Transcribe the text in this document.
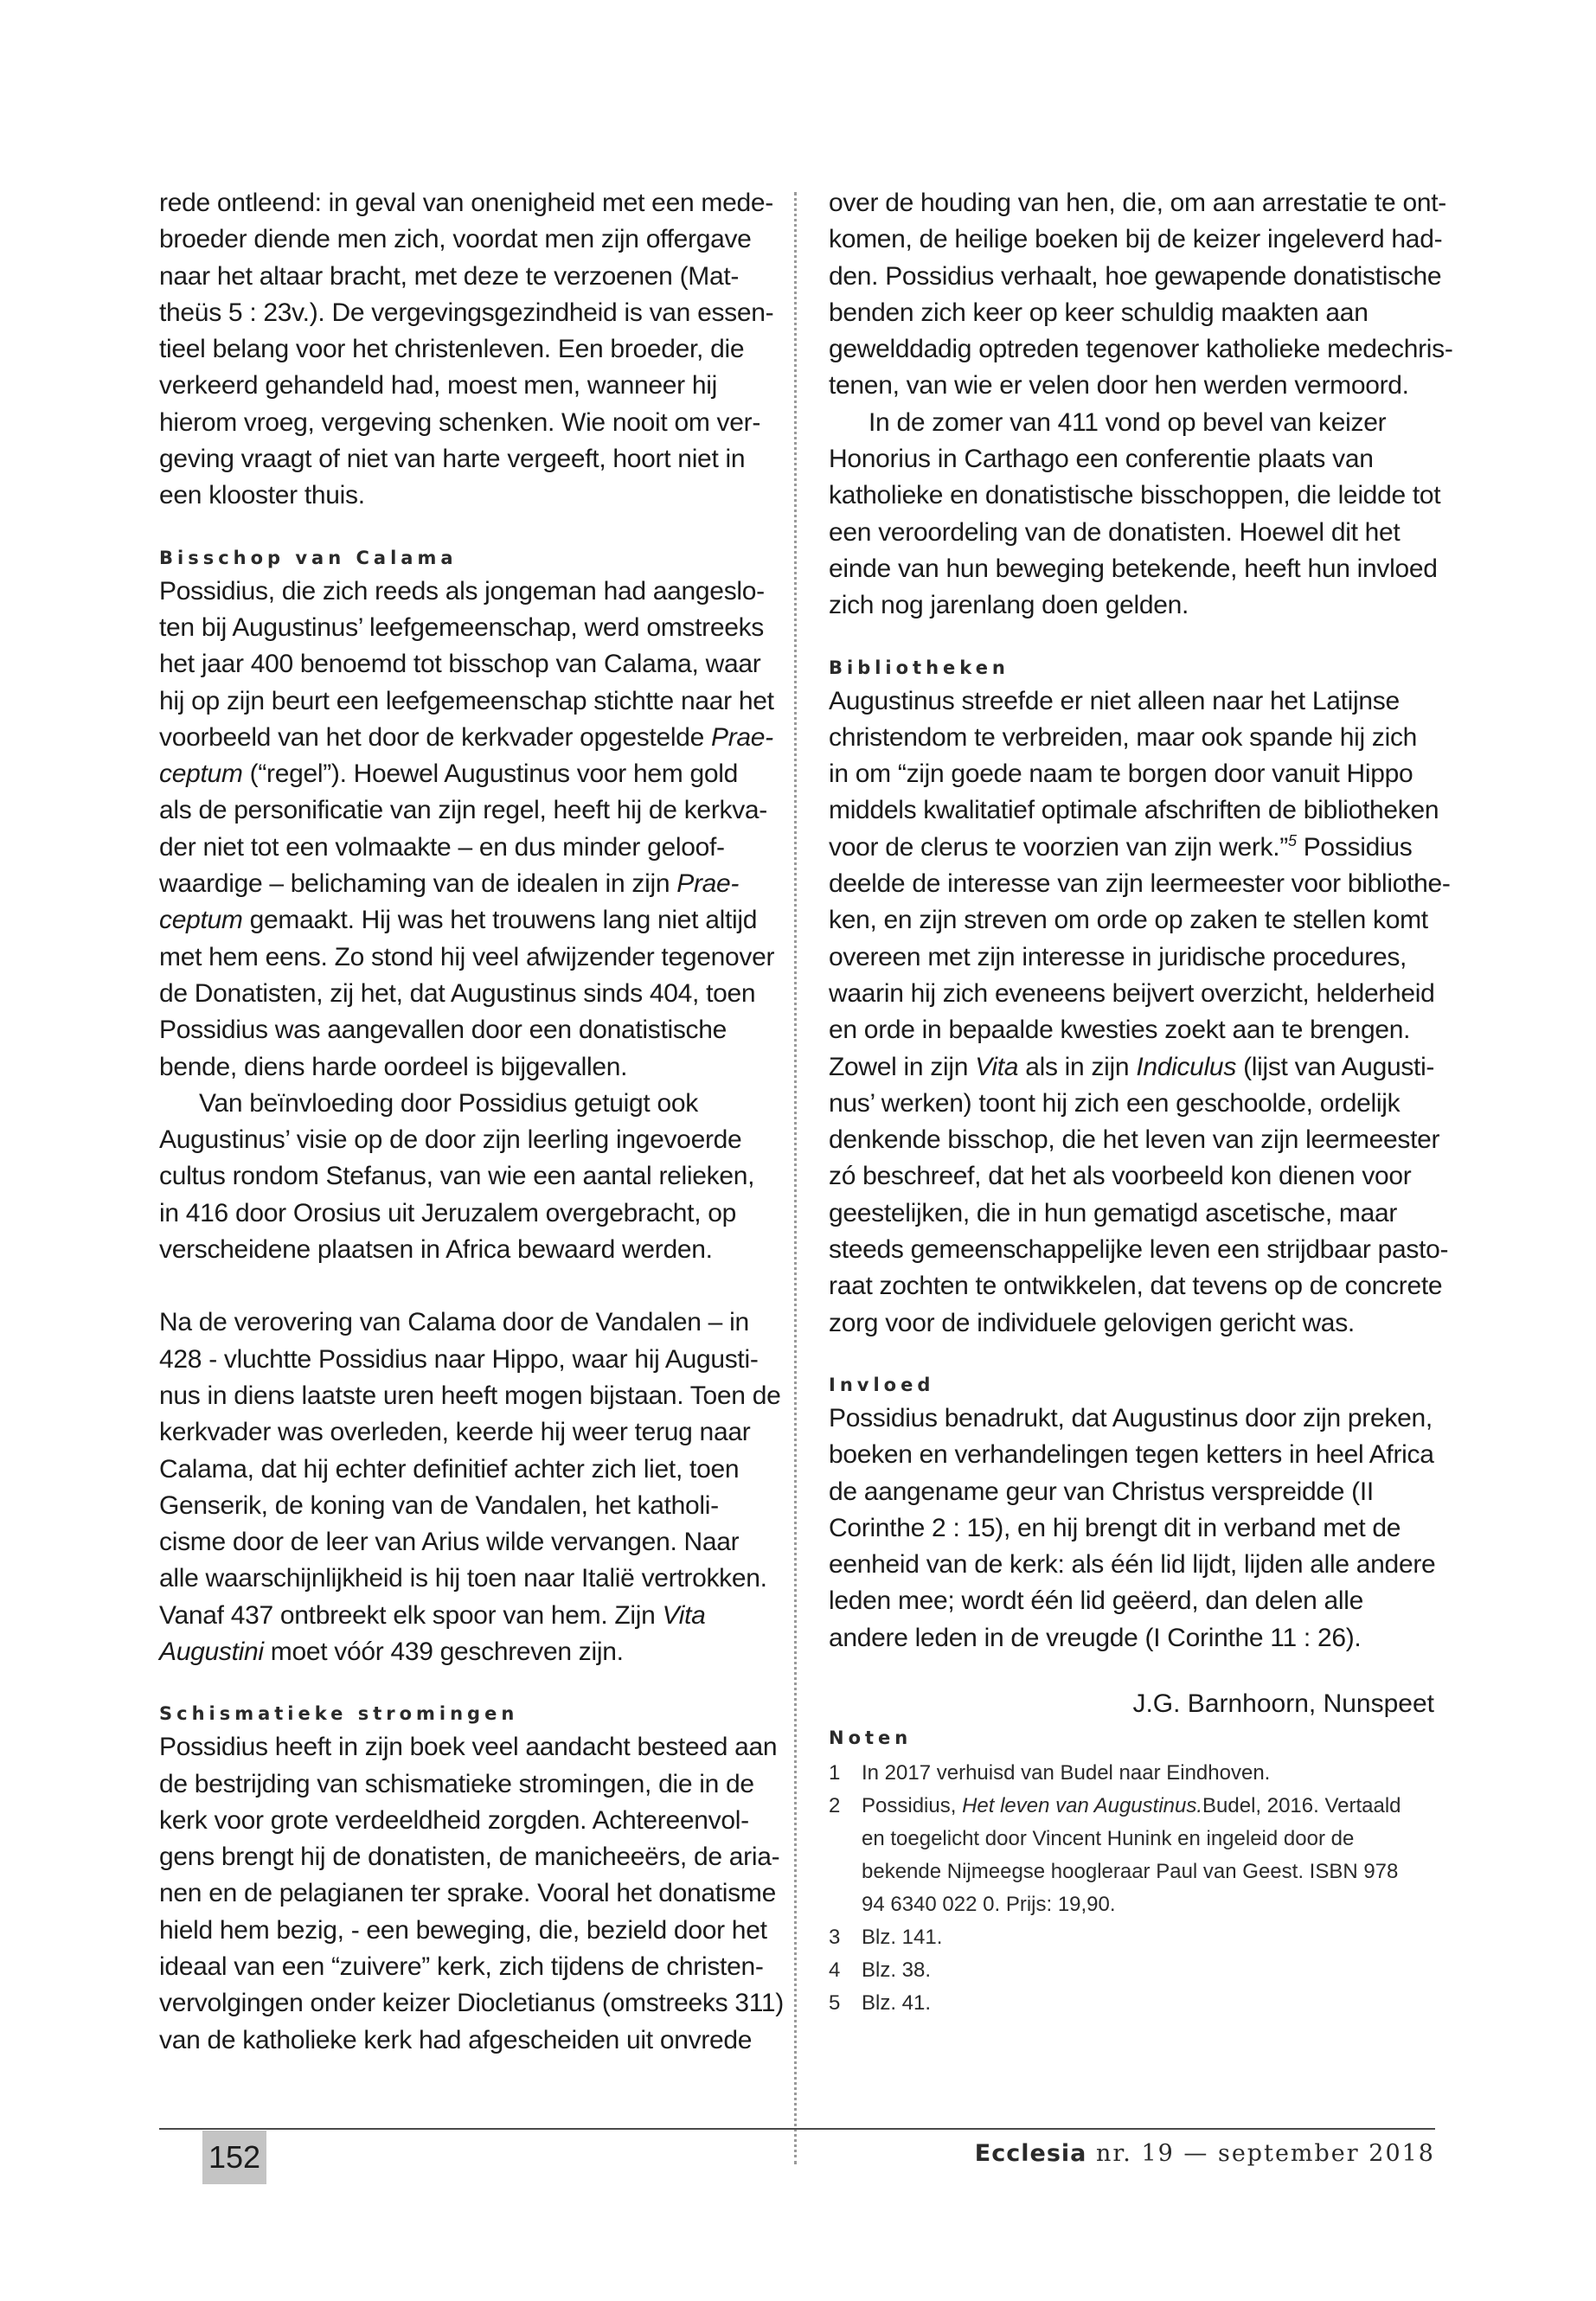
rede ontleend: in geval van onenigheid met een mede-
broeder diende men zich, voordat men zijn offergave
naar het altaar bracht, met deze te verzoenen (Mat-
theüs 5 : 23v.). De vergevingsgezindheid is van essen-
tieel belang voor het christenleven. Een broeder, die
verkeerd gehandeld had, moest men, wanneer hij
hierom vroeg, vergeving schenken. Wie nooit om ver-
geving vraagt of niet van harte vergeeft, hoort niet in
een klooster thuis.

Bisschop van Calama

Possidius, die zich reeds als jongeman had aangeslo-
ten bij Augustinus’ leefgemeenschap, werd omstreeks
het jaar 400 benoemd tot bisschop van Calama, waar
hij op zijn beurt een leefgemeenschap stichtte naar het
voorbeeld van het door de kerkvader opgestelde Prae-
ceptum (“regel”). Hoewel Augustinus voor hem gold
als de personificatie van zijn regel, heeft hij de kerkva-
der niet tot een volmaakte – en dus minder geloof-
waardige – belichaming van de idealen in zijn Prae-
ceptum gemaakt. Hij was het trouwens lang niet altijd
met hem eens. Zo stond hij veel afwijzender tegenover
de Donatisten, zij het, dat Augustinus sinds 404, toen
Possidius was aangevallen door een donatistische
bende, diens harde oordeel is bijgevallen.

Van beïnvloeding door Possidius getuigt ook
Augustinus’ visie op de door zijn leerling ingevoerde
cultus rondom Stefanus, van wie een aantal relieken,
in 416 door Orosius uit Jeruzalem overgebracht, op
verscheidene plaatsen in Africa bewaard werden.

Na de verovering van Calama door de Vandalen – in
428 - vluchtte Possidius naar Hippo, waar hij Augusti-
nus in diens laatste uren heeft mogen bijstaan. Toen de
kerkvader was overleden, keerde hij weer terug naar
Calama, dat hij echter definitief achter zich liet, toen
Genserik, de koning van de Vandalen, het katholi-
cisme door de leer van Arius wilde vervangen. Naar
alle waarschijnlijkheid is hij toen naar Italië vertrokken.
Vanaf 437 ontbreekt elk spoor van hem. Zijn Vita
Augustini moet vóór 439 geschreven zijn.

Schismatieke stromingen

Possidius heeft in zijn boek veel aandacht besteed aan
de bestrijding van schismatieke stromingen, die in de
kerk voor grote verdeeldheid zorgden. Achtereenvol-
gens brengt hij de donatisten, de manicheeërs, de aria-
nen en de pelagianen ter sprake. Vooral het donatisme
hield hem bezig, - een beweging, die, bezield door het
ideaal van een “zuivere” kerk, zich tijdens de christen-
vervolgingen onder keizer Diocletianus (omstreeks 311)
van de katholieke kerk had afgescheiden uit onvrede

over de houding van hen, die, om aan arrestatie te ont-
komen, de heilige boeken bij de keizer ingeleverd had-
den. Possidius verhaalt, hoe gewapende donatistische
benden zich keer op keer schuldig maakten aan
gewelddadig optreden tegenover katholieke medechris-
tenen, van wie er velen door hen werden vermoord.

In de zomer van 411 vond op bevel van keizer
Honorius in Carthago een conferentie plaats van
katholieke en donatistische bisschoppen, die leidde tot
een veroordeling van de donatisten. Hoewel dit het
einde van hun beweging betekende, heeft hun invloed
zich nog jarenlang doen gelden.

Bibliotheken

Augustinus streefde er niet alleen naar het Latijnse
christendom te verbreiden, maar ook spande hij zich
in om “zijn goede naam te borgen door vanuit Hippo
middels kwalitatief optimale afschriften de bibliotheken
voor de clerus te voorzien van zijn werk.”$^5$ Possidius
deelde de interesse van zijn leermeester voor bibliothe-
ken, en zijn streven om orde op zaken te stellen komt
overeen met zijn interesse in juridische procedures,
waarin hij zich eveneens beijvert overzicht, helderheid
en orde in bepaalde kwesties zoekt aan te brengen.
Zowel in zijn Vita als in zijn Indiculus (lijst van Augusti-
nus’ werken) toont hij zich een geschoolde, ordelijk
denkende bisschop, die het leven van zijn leermeester
zó beschreef, dat het als voorbeeld kon dienen voor
geestelijken, die in hun gematigd ascetische, maar
steeds gemeenschappelijke leven een strijdbaar pasto-
raat zochten te ontwikkelen, dat tevens op de concrete
zorg voor de individuele gelovigen gericht was.

Invloed

Possidius benadrukt, dat Augustinus door zijn preken,
boeken en verhandelingen tegen ketters in heel Africa
de aangename geur van Christus verspreidde (II
Corinthe 2 : 15), en hij brengt dit in verband met de
eenheid van de kerk: als één lid lijdt, lijden alle andere
leden mee; wordt één lid geëerd, dan delen alle
andere leden in de vreugde (I Corinthe 11 : 26).

J.G. Barnhoorn, Nunspeet

Noten
1	In 2017 verhuisd van Budel naar Eindhoven.
2	Possidius, Het leven van Augustinus.Budel, 2016. Vertaald
en toegelicht door Vincent Hunink en ingeleid door de
bekende Nijmeegse hoogleraar Paul van Geest. ISBN 978
94 6340 022 0. Prijs: 19,90.
3	Blz. 141.
4	Blz. 38.
5	Blz. 41.
152	Ecclesia nr. 19 — september 2018
